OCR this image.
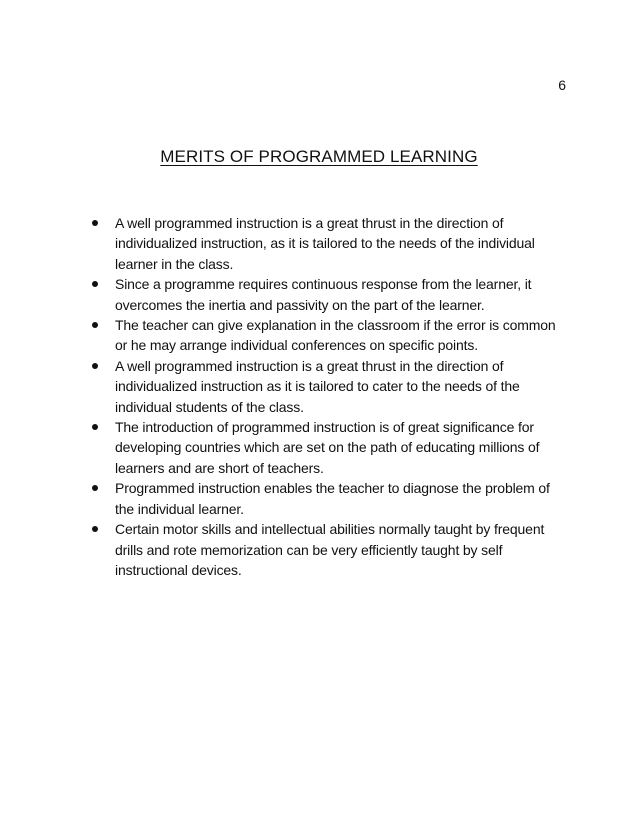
6
MERITS OF PROGRAMMED LEARNING
A well programmed instruction is a great thrust in the direction of individualized instruction, as it is tailored to the needs of the individual learner in the class.
Since a programme requires continuous response from the learner, it overcomes the inertia and passivity on the part of the learner.
The teacher can give explanation in the classroom if the error is common or he may arrange individual conferences on specific points.
A well programmed instruction is a great thrust in the direction of individualized instruction as it is tailored to cater to the needs of the individual students of the class.
The introduction of programmed instruction is of great significance for developing countries which are set on the path of educating millions of learners and are short of teachers.
Programmed instruction enables the teacher to diagnose the problem of the individual learner.
Certain motor skills and intellectual abilities normally taught by frequent drills and rote memorization can be very efficiently taught by self instructional devices.
